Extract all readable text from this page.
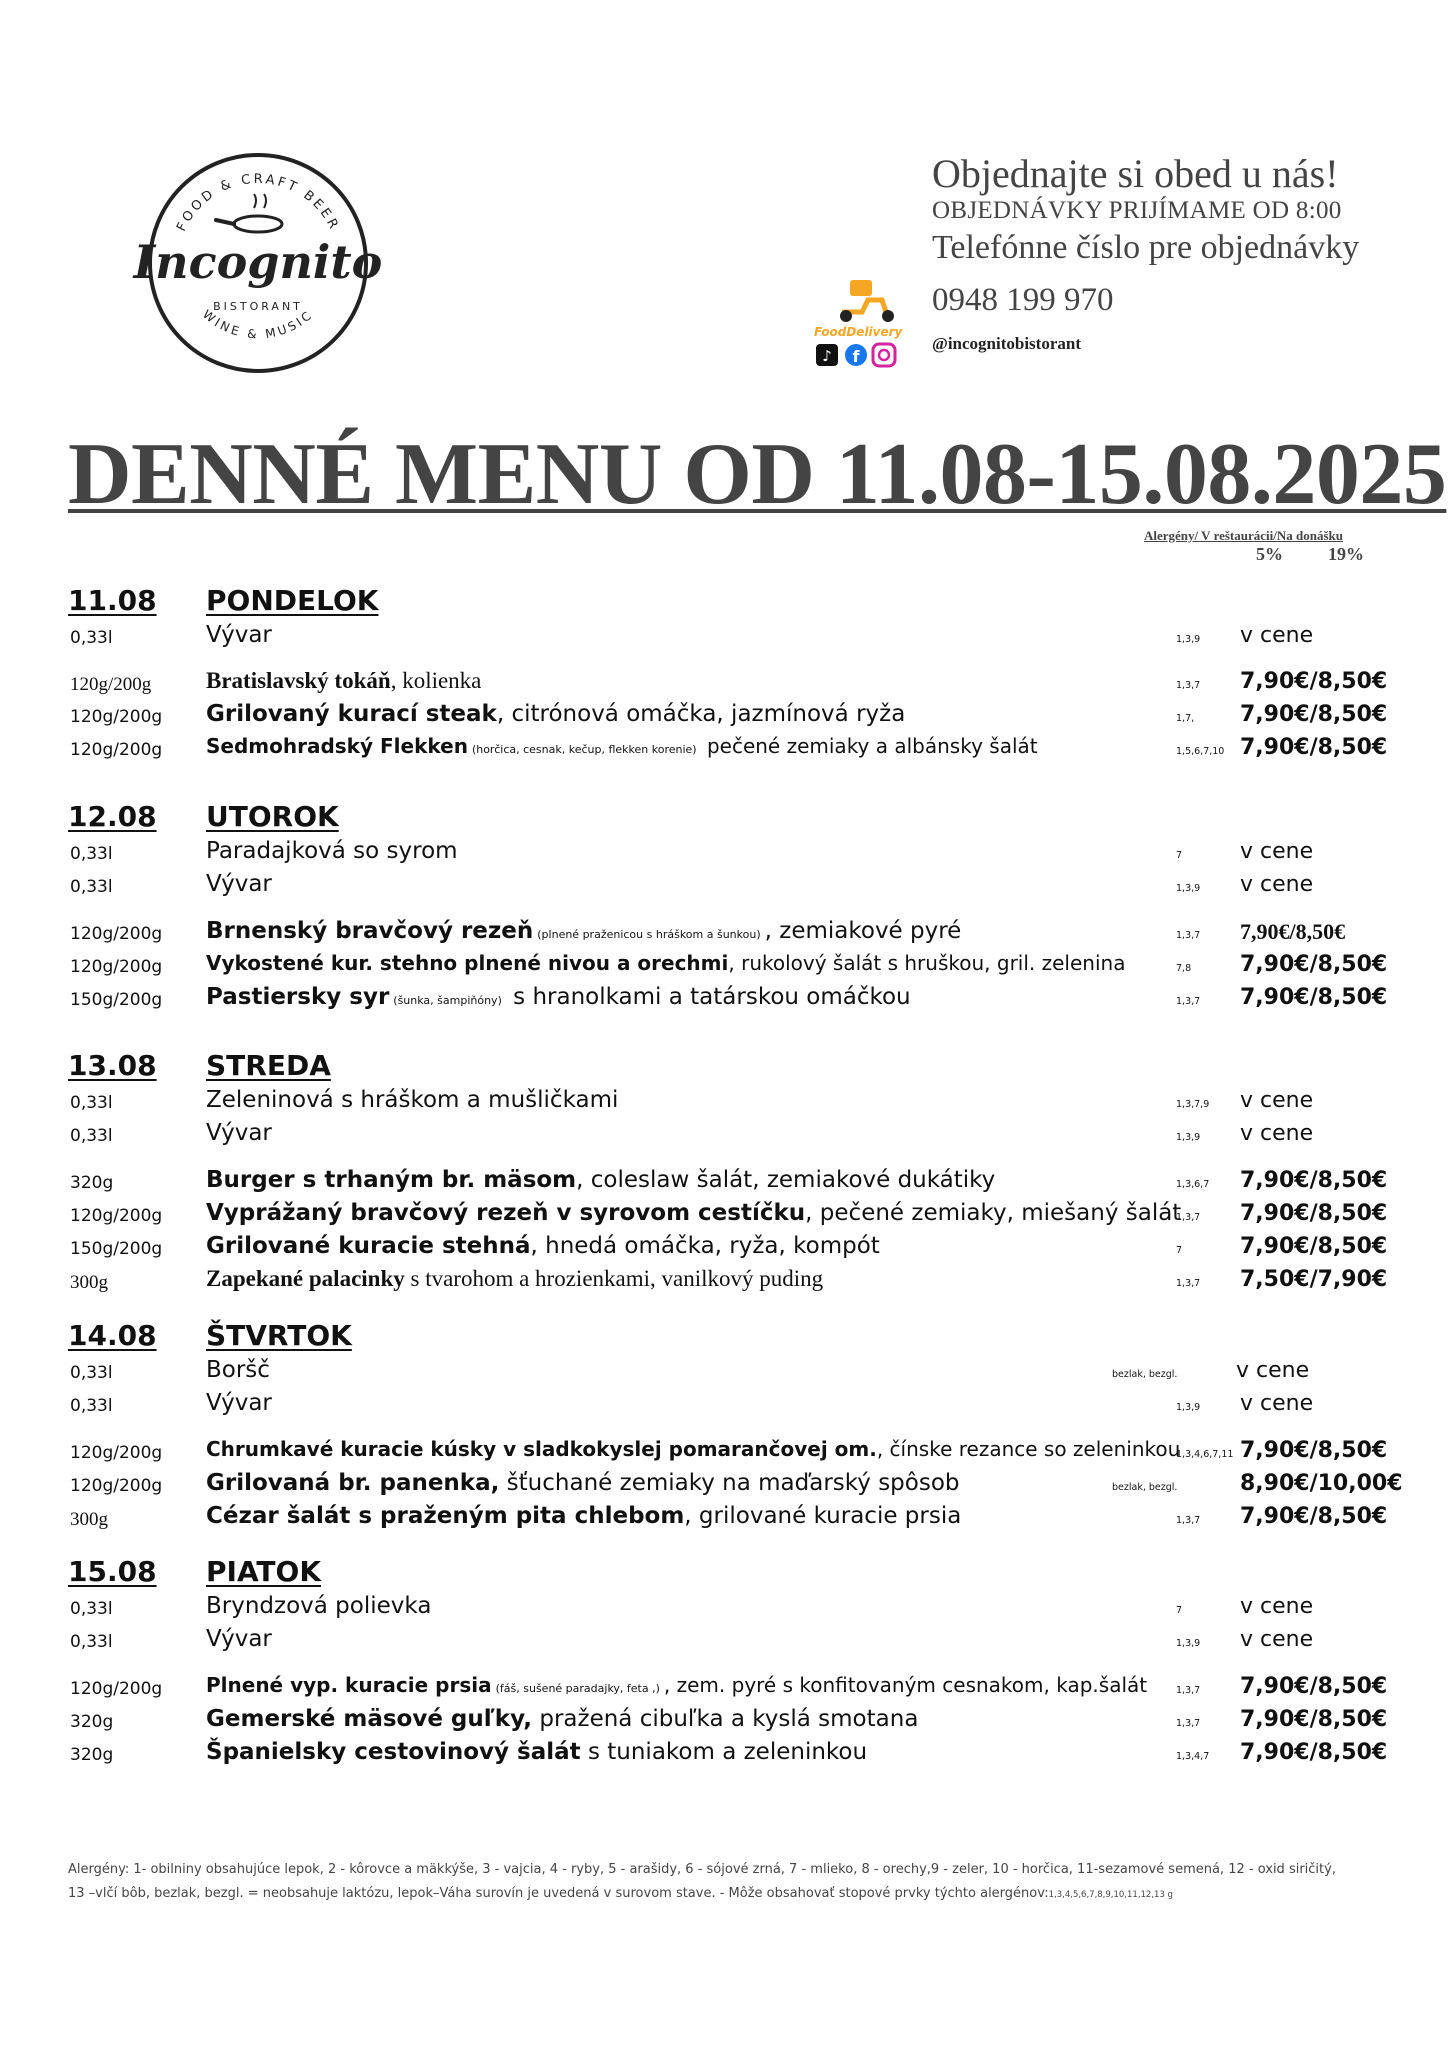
FOOD & CRAFT BEER
WINE & MUSIC
Incognito
BISTORANT
FoodDelivery
♪ f
Objednajte si obed u nás!
OBJEDNÁVKY PRIJÍMAME OD 8:00
Telefónne číslo pre objednávky
0948 199 970
@incognitobistorant
DENNÉ MENU OD 11.08-15.08.2025
Alergény/ V reštaurácii/Na donášku
5%	19%
11.08 PONDELOK
0,33l	Vývar	1,3,9 v cene
120g/200g Bratislavský tokáň, kolienka	1,3,7 7,90€/8,50€
120g/200g Grilovaný kurací steak, citrónová omáčka, jazmínová ryža	1,7, 7,90€/8,50€
120g/200g Sedmohradský Flekken (horčica, cesnak, kečup, flekken korenie) pečené zemiaky a albánsky šalát	1,5,6,7,10 7,90€/8,50€
12.08 UTOROK
0,33l	Paradajková so syrom	7	v cene
0,33l	Vývar	1,3,9 v cene
120g/200g Brnenský bravčový rezeň (plnené praženicou s hráškom a šunkou) , zemiakové pyré	1,3,7 7,90€/8,50€
120g/200g Vykostené kur. stehno plnené nivou a orechmi, rukolový šalát s hruškou, gril. zelenina	7,8 7,90€/8,50€
150g/200g Pastiersky syr (šunka, šampiňóny) s hranolkami a tatárskou omáčkou	1,3,7 7,90€/8,50€
13.08 STREDA
0,33l	Zeleninová s hráškom a mušličkami	1,3,7,9 v cene
0,33l	Vývar	1,3,9 v cene
320g	Burger s trhaným br. mäsom, coleslaw šalát, zemiakové dukátiky	1,3,6,7 7,90€/8,50€
120g/200g Vyprážaný bravčový rezeň v syrovom cestíčku, pečené zemiaky, miešaný šalát
1,3,7 7,90€/8,50€
150g/200g Grilované kuracie stehná, hnedá omáčka, ryža, kompót	7	7,90€/8,50€
300g	Zapekané palacinky s tvarohom a hrozienkami, vanilkový puding	1,3,7 7,50€/7,90€
14.08 ŠTVRTOK
0,33l	Boršč	bezlak, bezgl.	v cene
0,33l	Vývar	1,3,9 v cene
120g/200g Chrumkavé kuracie kúsky v sladkokyslej pomarančovej om., čínske rezance so zeleninkou
1,3,4,6,7,11 7,90€/8,50€
120g/200g Grilovaná br. panenka, šťuchané zemiaky na maďarský spôsob	bezlak, bezgl.	8,90€/10,00€
300g	Cézar šalát s praženým pita chlebom, grilované kuracie prsia	1,3,7 7,90€/8,50€
15.08 PIATOK
0,33l	Bryndzová polievka	7	v cene
0,33l	Vývar	1,3,9 v cene
120g/200g Plnené vyp. kuracie prsia (fáš, sušené paradajky, feta ,) , zem. pyré s konfitovaným cesnakom, kap.šalát	1,3,7 7,90€/8,50€
320g	Gemerské mäsové guľky, pražená cibuľka a kyslá smotana	1,3,7 7,90€/8,50€
320g	Španielsky cestovinový šalát s tuniakom a zeleninkou	1,3,4,7 7,90€/8,50€
Alergény: 1- obilniny obsahujúce lepok, 2 - kôrovce a mäkkýše, 3 - vajcia, 4 - ryby, 5 - arašidy, 6 - sójové zrná, 7 - mlieko, 8 - orechy,9 - zeler, 10 - horčica, 11-sezamové semená, 12 - oxid siričitý,
13 –vlčí bôb, bezlak, bezgl. = neobsahuje laktózu, lepok–Váha surovín je uvedená v surovom stave. - Môže obsahovať stopové prvky týchto alergénov:1,3,4,5,6,7,8,9,10,11,12,13 g
